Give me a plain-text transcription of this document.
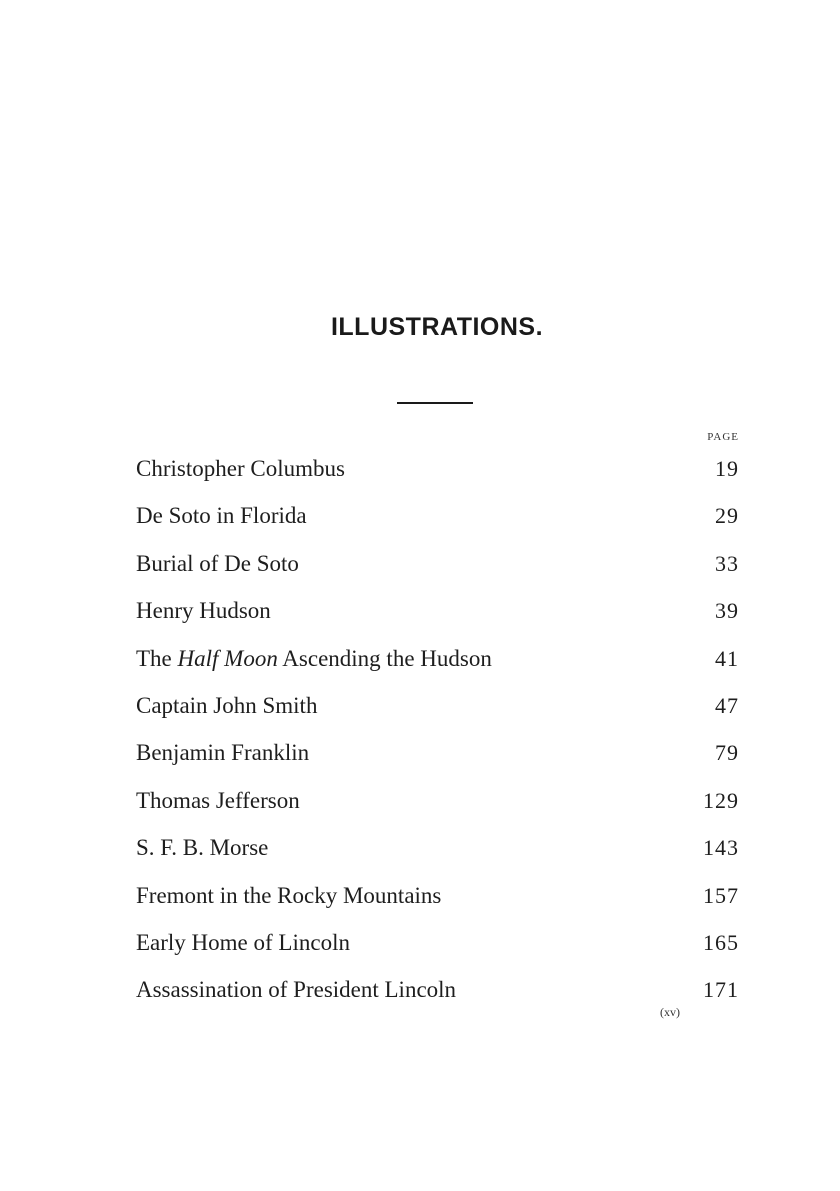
ILLUSTRATIONS.
PAGE
Christopher Columbus	19
De Soto in Florida	29
Burial of De Soto	33
Henry Hudson	39
The Half Moon Ascending the Hudson	41
Captain John Smith	47
Benjamin Franklin	79
Thomas Jefferson	129
S. F. B. Morse	143
Fremont in the Rocky Mountains	157
Early Home of Lincoln	165
Assassination of President Lincoln	171
(xv)
